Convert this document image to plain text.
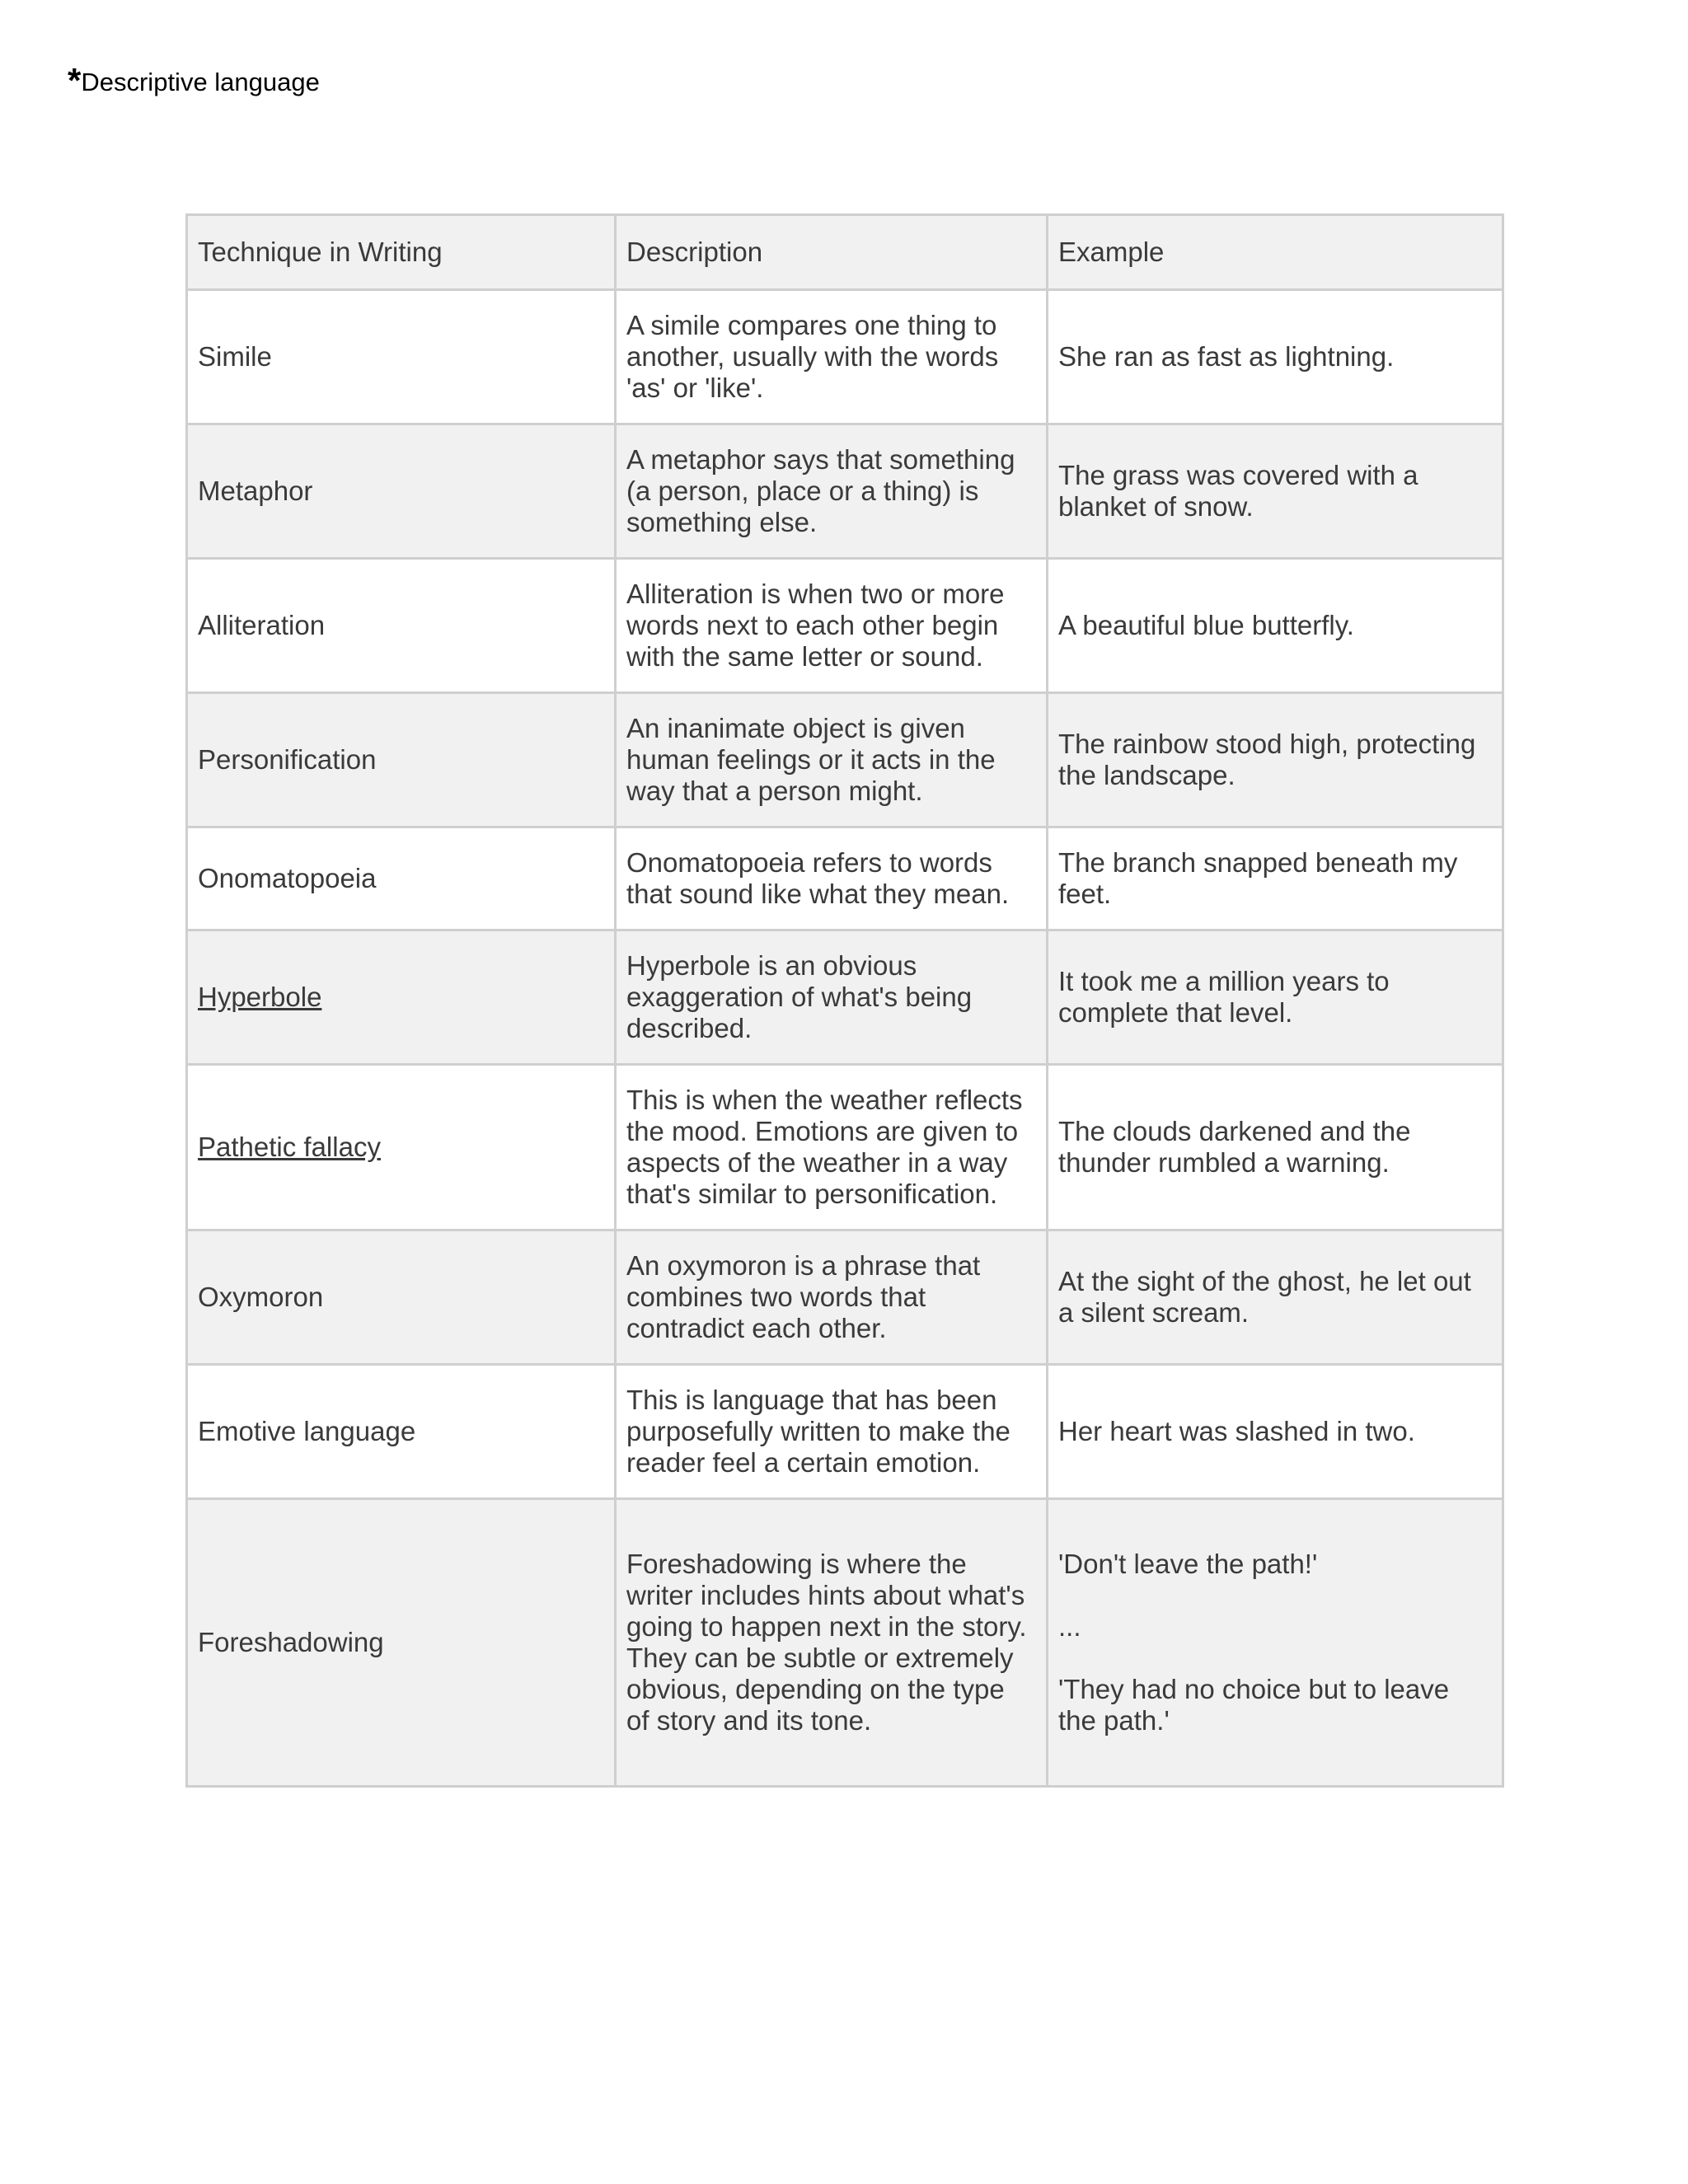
*Descriptive language
Technique in Writing	Description	Example
Simile	A simile compares one thing to another, usually with the words 'as' or 'like'.	She ran as fast as lightning.
Metaphor	A metaphor says that something (a person, place or a thing) is something else.	The grass was covered with a blanket of snow.
Alliteration	Alliteration is when two or more words next to each other begin with the same letter or sound.	A beautiful blue butterfly.
Personification	An inanimate object is given human feelings or it acts in the way that a person might.	The rainbow stood high, protecting the landscape.
Onomatopoeia	Onomatopoeia refers to words that sound like what they mean.	The branch snapped beneath my feet.
Hyperbole	Hyperbole is an obvious exaggeration of what's being described.	It took me a million years to complete that level.
Pathetic fallacy	This is when the weather reflects the mood. Emotions are given to aspects of the weather in a way that's similar to personification.	The clouds darkened and the thunder rumbled a warning.
Oxymoron	An oxymoron is a phrase that combines two words that contradict each other.	At the sight of the ghost, he let out a silent scream.
Emotive language	This is language that has been purposefully written to make the reader feel a certain emotion.	Her heart was slashed in two.
Foreshadowing	Foreshadowing is where the writer includes hints about what's going to happen next in the story. They can be subtle or extremely obvious, depending on the type of story and its tone.	'Don't leave the path!'
...
'They had no choice but to leave the path.'
